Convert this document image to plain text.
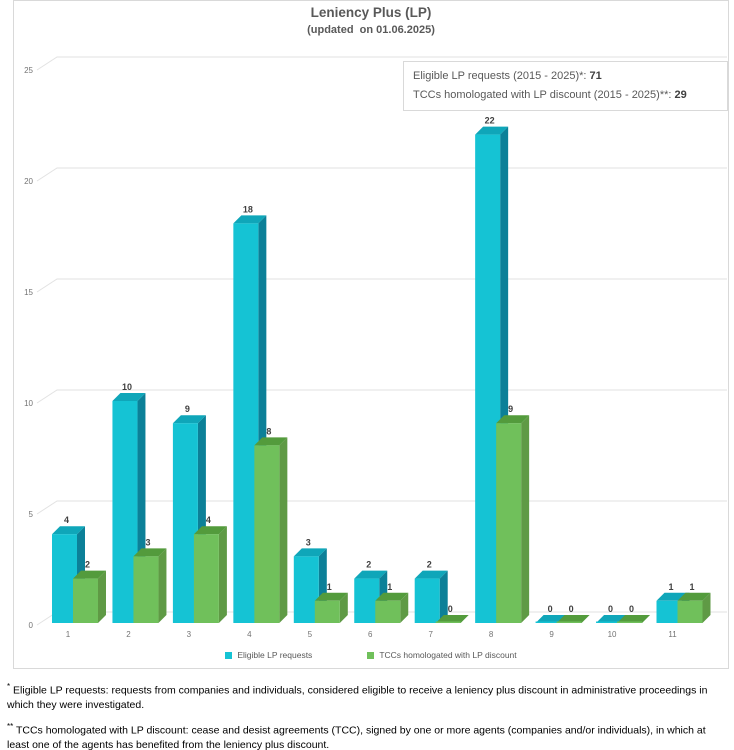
0
5
10
15
20
25
4
2
1
10
3
2
9
4
3
18
8
4
3
1
5
2
1
6
2
0
7
22
9
8
0 0
9
0 0
10
1 1
11
Leniency Plus (LP)
(updated  on 01.06.2025)
Eligible LP requests (2015 - 2025)*: 71
TCCs homologated with LP discount (2015 - 2025)**: 29
Eligible LP requests	TCCs homologated with LP discount

* Eligible LP requests: requests from companies and individuals, considered eligible to receive a leniency plus discount in administrative proceedings in which they were investigated.

** TCCs homologated with LP discount: cease and desist agreements (TCC), signed by one or more agents (companies and/or individuals), in which at least one of the agents has benefited from the leniency plus discount.
